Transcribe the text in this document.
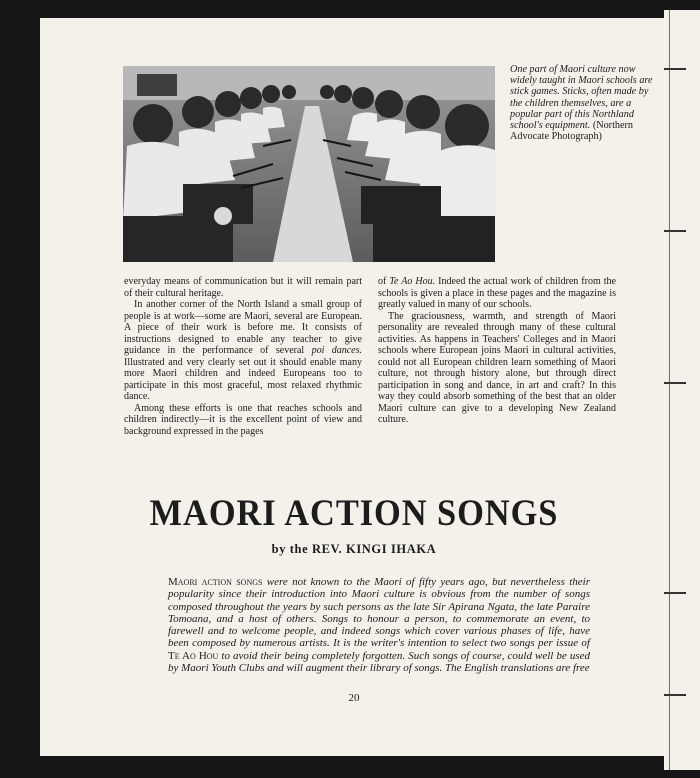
One part of Maori culture now widely taught in Maori schools are stick games. Sticks, often made by the children themselves, are a popular part of this Northland school's equipment. (Northern Advocate Photograph)

everyday means of communication but it will remain part of their cultural heritage.

In another corner of the North Island a small group of people is at work—some are Maori, several are European. A piece of their work is before me. It consists of instructions designed to enable any teacher to give guidance in the performance of several poi dances. Illustrated and very clearly set out it should enable many more Maori children and indeed Europeans too to participate in this most graceful, most relaxed rhythmic dance.

Among these efforts is one that reaches schools and children indirectly—it is the excellent point of view and background expressed in the pages

of Te Ao Hou. Indeed the actual work of children from the schools is given a place in these pages and the magazine is greatly valued in many of our schools.

The graciousness, warmth, and strength of Maori personality are revealed through many of these cultural activities. As happens in Teachers' Colleges and in Maori schools where European joins Maori in cultural activities, could not all European children learn something of Maori culture, not through history alone, but through direct participation in song and dance, in art and craft? In this way they could absorb something of the best that an older Maori culture can give to a developing New Zealand culture.

MAORI ACTION SONGS
by the REV. KINGI IHAKA
Maori action songs were not known to the Maori of fifty years ago, but nevertheless their popularity since their introduction into Maori culture is obvious from the number of songs composed throughout the years by such persons as the late Sir Apirana Ngata, the late Paraire Tomoana, and a host of others. Songs to honour a person, to commemorate an event, to farewell and to welcome people, and indeed songs which cover various phases of life, have been composed by numerous artists. It is the writer's intention to select two songs per issue of Te Ao Hou to avoid their being completely forgotten. Such songs of course, could well be used by Maori Youth Clubs and will augment their library of songs. The English translations are free
20
